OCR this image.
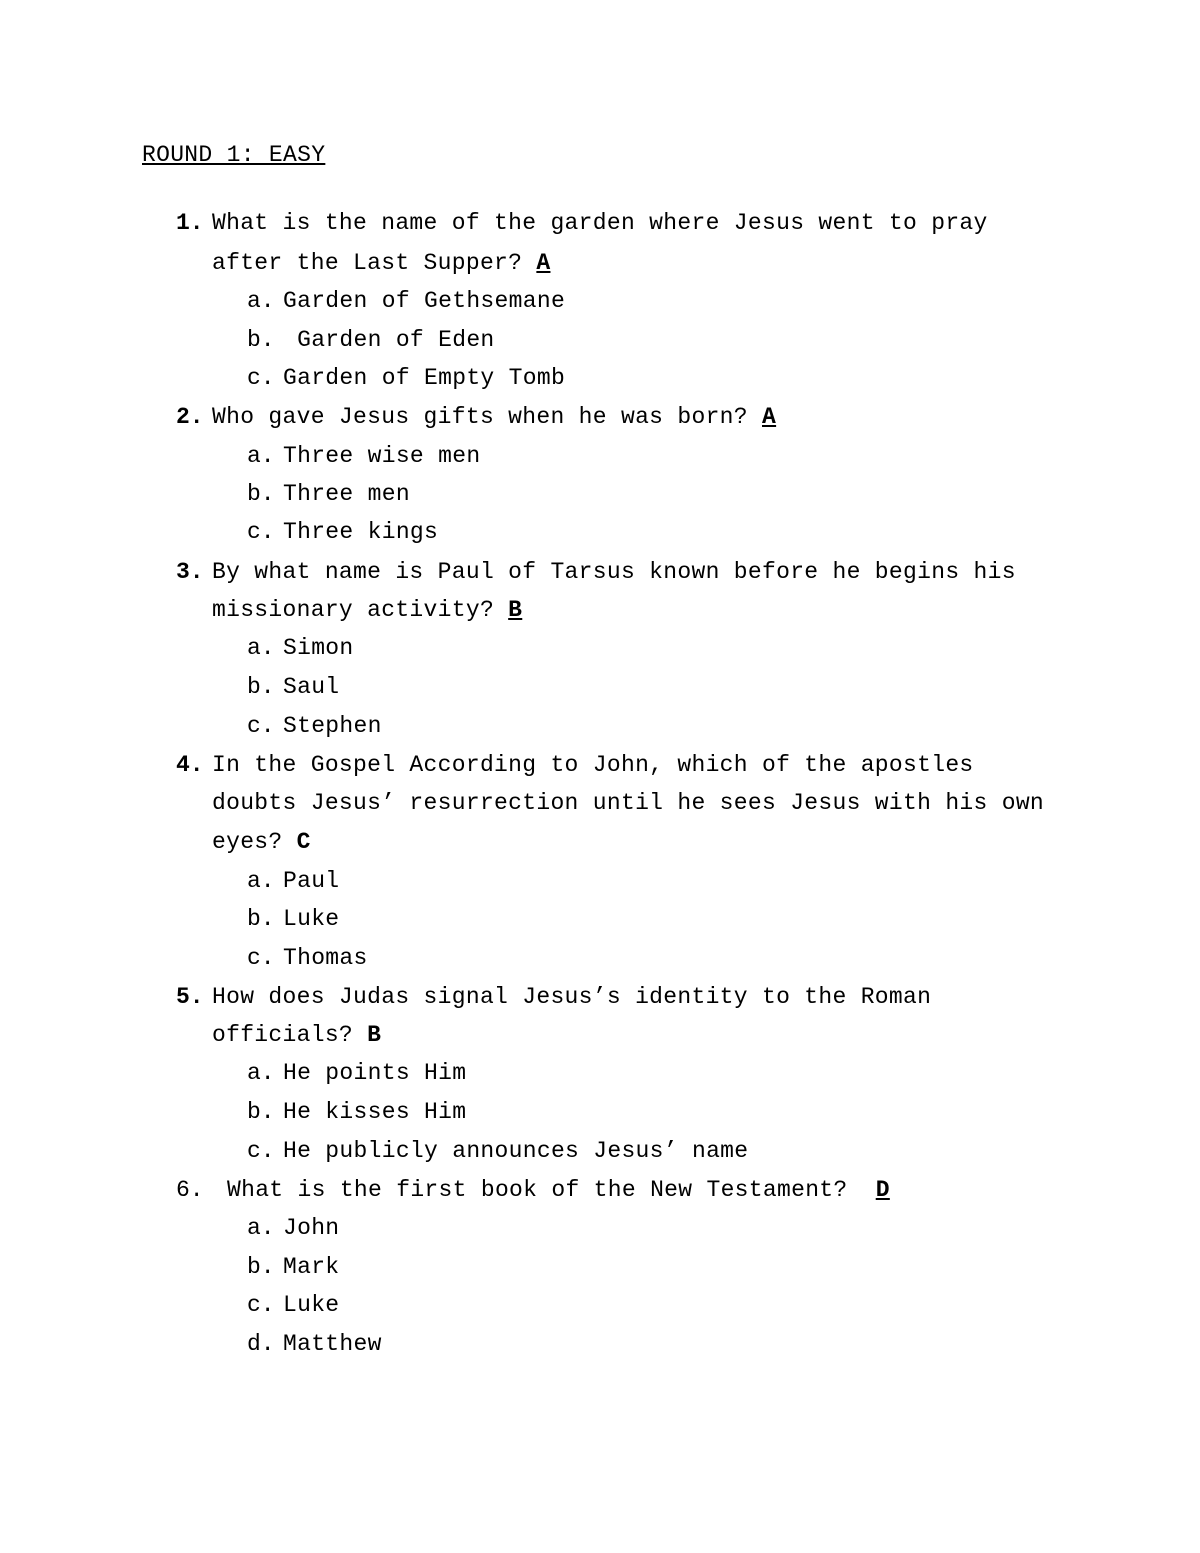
ROUND 1: EASY
1. What is the name of the garden where Jesus went to pray
after the Last Supper? A
a. Garden of Gethsemane
b. Garden of Eden
c. Garden of Empty Tomb
2. Who gave Jesus gifts when he was born? A
a. Three wise men
b. Three men
c. Three kings
3. By what name is Paul of Tarsus known before he begins his
missionary activity? B
a. Simon
b. Saul
c. Stephen
4. In the Gospel According to John, which of the apostles
doubts Jesus’ resurrection until he sees Jesus with his own
eyes? C
a. Paul
b. Luke
c. Thomas
5. How does Judas signal Jesus’s identity to the Roman
officials? B
a. He points Him
b. He kisses Him
c. He publicly announces Jesus’ name
6. What is the first book of the New Testament? D
a. John
b. Mark
c. Luke
d. Matthew
